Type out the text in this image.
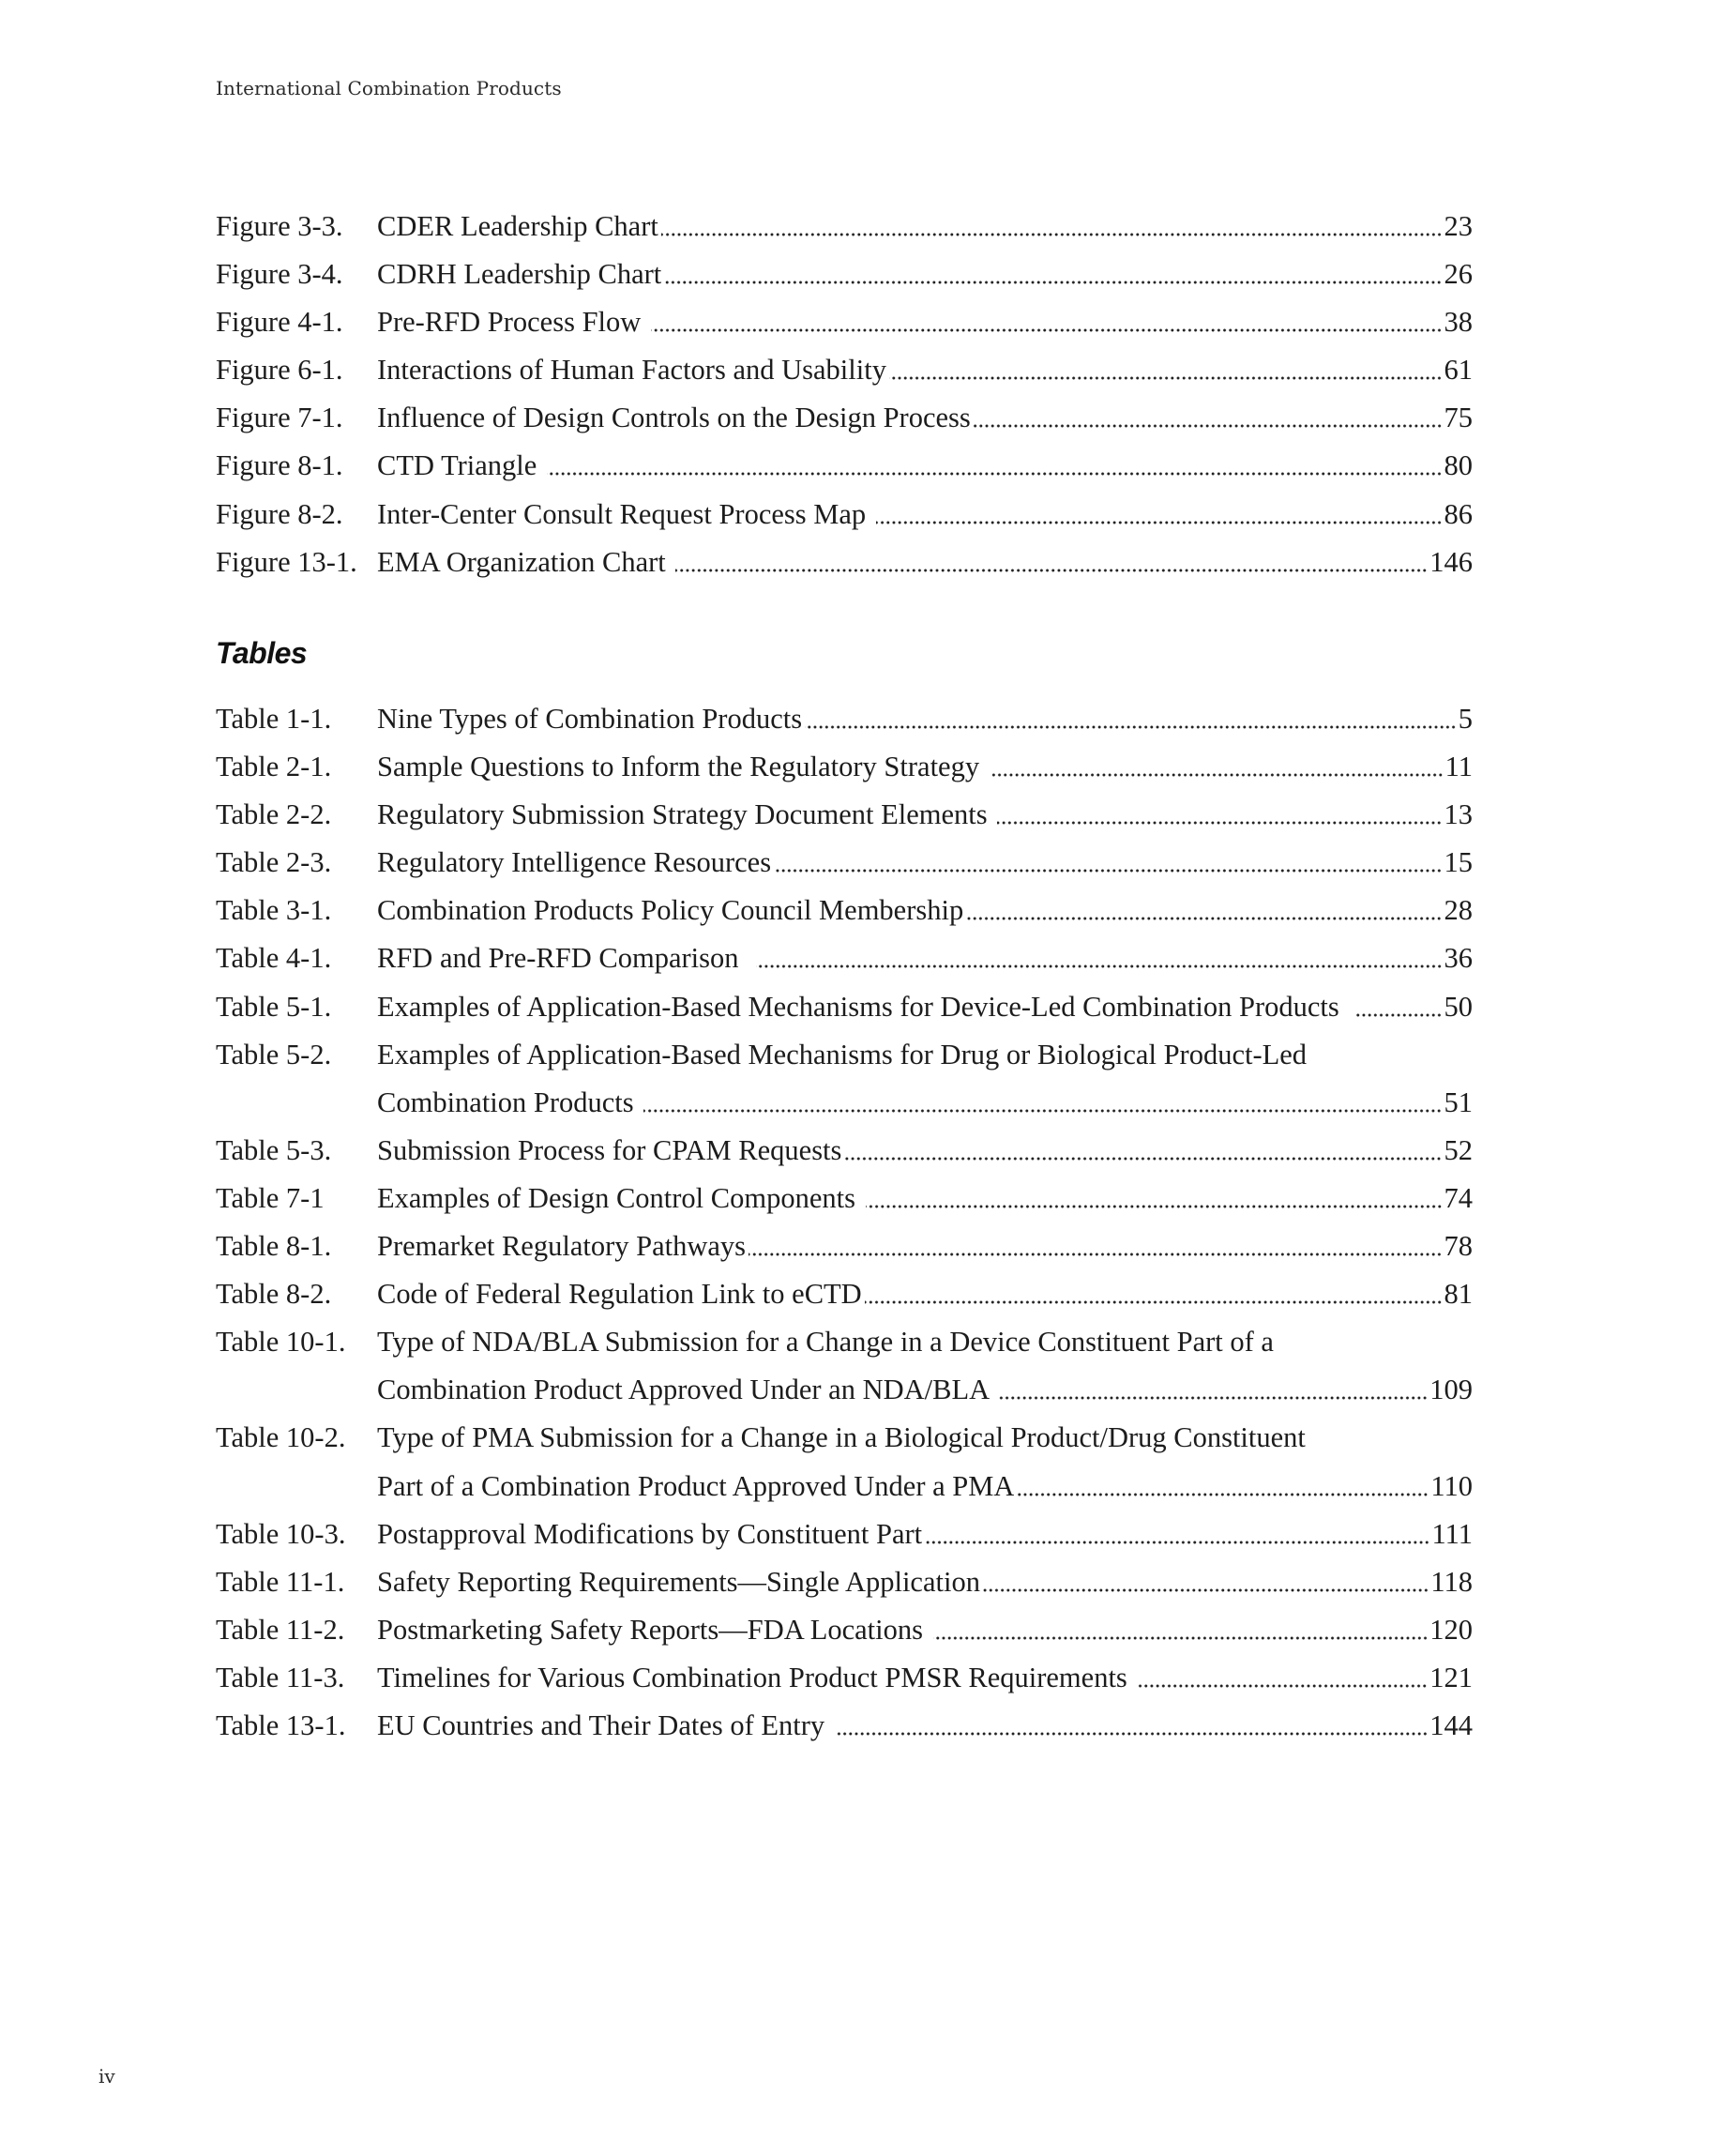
International Combination Products
Figure 3-3. CDER Leadership Chart	23
Figure 3-4. CDRH Leadership Chart	26
Figure 4-1. Pre-RFD Process Flow	38
Figure 6-1. Interactions of Human Factors and Usability	61
Figure 7-1. Influence of Design Controls on the Design Process	75
Figure 8-1. CTD Triangle	80
Figure 8-2. Inter-Center Consult Request Process Map	86
Figure 13-1. EMA Organization Chart	146
Tables
Table 1-1. Nine Types of Combination Products	5
Table 2-1. Sample Questions to Inform the Regulatory Strategy	11
Table 2-2. Regulatory Submission Strategy Document Elements	13
Table 2-3. Regulatory Intelligence Resources	15
Table 3-1. Combination Products Policy Council Membership	28
Table 4-1. RFD and Pre-RFD Comparison	36
Table 5-1. Examples of Application-Based Mechanisms for Device-Led Combination Products	50
Table 5-2. Examples of Application-Based Mechanisms for Drug or Biological Product-Led
Combination Products	51
Table 5-3. Submission Process for CPAM Requests	52
Table 7-1 Examples of Design Control Components	74
Table 8-1. Premarket Regulatory Pathways	78
Table 8-2. Code of Federal Regulation Link to eCTD	81
Table 10-1. Type of NDA/BLA Submission for a Change in a Device Constituent Part of a
Combination Product Approved Under an NDA/BLA	109
Table 10-2. Type of PMA Submission for a Change in a Biological Product/Drug Constituent
Part of a Combination Product Approved Under a PMA	110
Table 10-3. Postapproval Modifications by Constituent Part	111
Table 11-1. Safety Reporting Requirements—Single Application	118
Table 11-2. Postmarketing Safety Reports—FDA Locations	120
Table 11-3. Timelines for Various Combination Product PMSR Requirements	121
Table 13-1. EU Countries and Their Dates of Entry	144
iv
